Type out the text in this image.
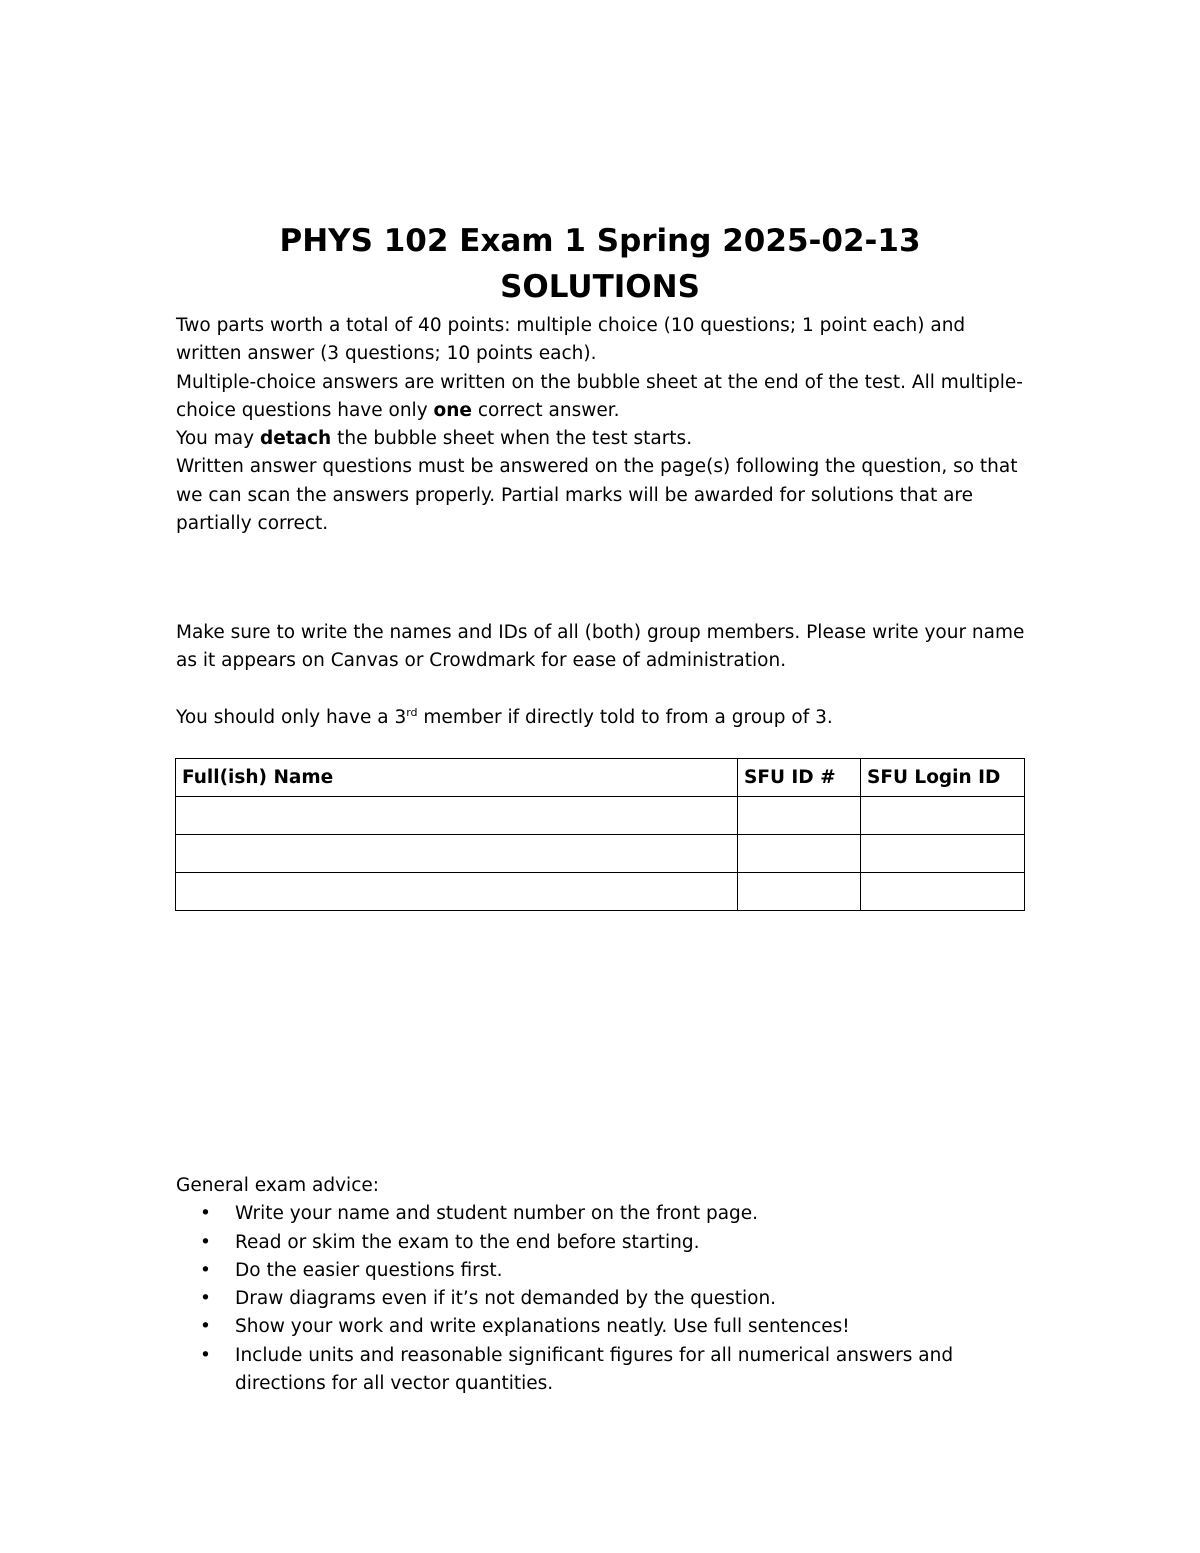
PHYS 102 Exam 1 Spring 2025-02-13
SOLUTIONS

Two parts worth a total of 40 points: multiple choice (10 questions; 1 point each) and written answer (3 questions; 10 points each).

Multiple-choice answers are written on the bubble sheet at the end of the test. All multiple-choice questions have only one correct answer.

You may detach the bubble sheet when the test starts.

Written answer questions must be answered on the page(s) following the question, so that we can scan the answers properly. Partial marks will be awarded for solutions that are partially correct.

Make sure to write the names and IDs of all (both) group members. Please write your name as it appears on Canvas or Crowdmark for ease of administration.

You should only have a 3rd member if directly told to from a group of 3.

Full(ish) Name	SFU ID #	SFU Login ID

General exam advice:

• Write your name and student number on the front page.
• Read or skim the exam to the end before starting.
• Do the easier questions first.
• Draw diagrams even if it’s not demanded by the question.
• Show your work and write explanations neatly. Use full sentences!
• Include units and reasonable significant figures for all numerical answers and directions for all vector quantities.
